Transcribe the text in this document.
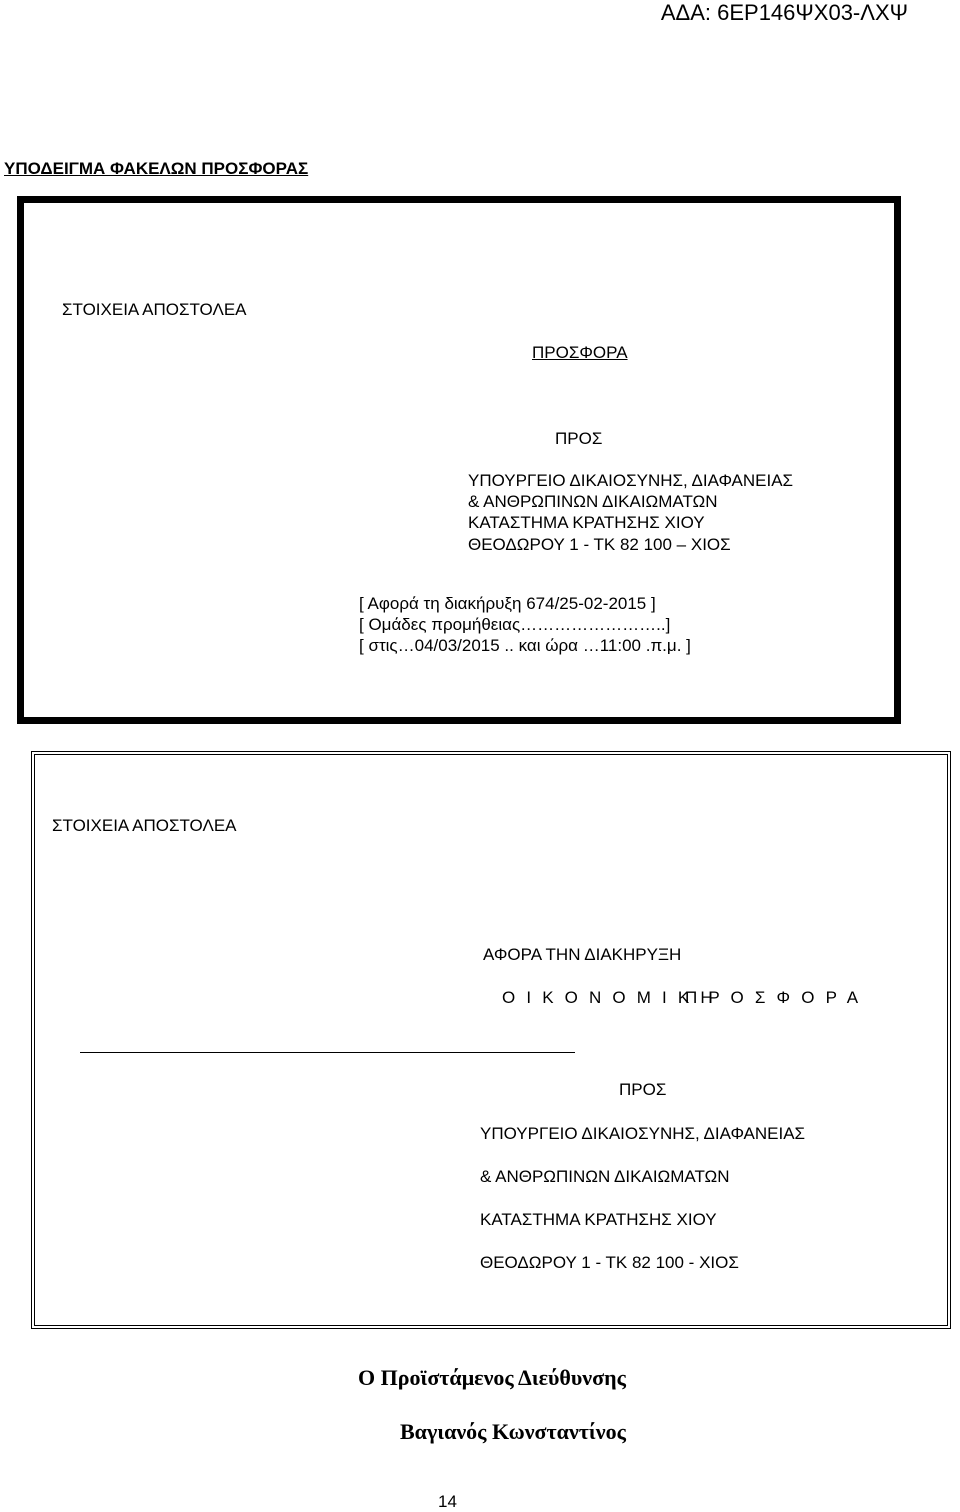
ΑΔΑ: 6ΕΡ146ΨΧ03-ΛΧΨ
ΥΠΟΔΕΙΓΜΑ ΦΑΚΕΛΩΝ ΠΡΟΣΦΟΡΑΣ
ΣΤΟΙΧΕΙΑ ΑΠΟΣΤΟΛΕΑ
ΠΡΟΣΦΟΡΑ
ΠΡΟΣ
ΥΠΟΥΡΓΕΙΟ ΔΙΚΑΙΟΣΥΝΗΣ, ΔΙΑΦΑΝΕΙΑΣ
& ΑΝΘΡΩΠΙΝΩΝ ΔΙΚΑΙΩΜΑΤΩΝ
ΚΑΤΑΣΤΗΜΑ ΚΡΑΤΗΣΗΣ ΧΙΟΥ
ΘΕΟΔΩΡΟΥ 1 - ΤΚ 82 100 – ΧΙΟΣ
[ Αφορά τη διακήρυξη 674/25-02-2015 ]
[ Ομάδες προμήθειας……………………..]
[ στις…04/03/2015 .. και ώρα …11:00 .π.μ. ]
ΣΤΟΙΧΕΙΑ ΑΠΟΣΤΟΛΕΑ
ΑΦΟΡΑ ΤΗΝ ΔΙΑΚΗΡΥΞΗ
Ο Ι Κ Ο Ν Ο Μ Ι Κ Η
Π Ρ Ο Σ Φ Ο Ρ Α
ΠΡΟΣ
ΥΠΟΥΡΓΕΙΟ ΔΙΚΑΙΟΣΥΝΗΣ, ΔΙΑΦΑΝΕΙΑΣ
& ΑΝΘΡΩΠΙΝΩΝ ΔΙΚΑΙΩΜΑΤΩΝ
ΚΑΤΑΣΤΗΜΑ ΚΡΑΤΗΣΗΣ ΧΙΟΥ
ΘΕΟΔΩΡΟΥ 1 - ΤΚ 82 100 - ΧΙΟΣ
Ο Προϊστάμενος Διεύθυνσης
Βαγιανός Κωνσταντίνος
14
